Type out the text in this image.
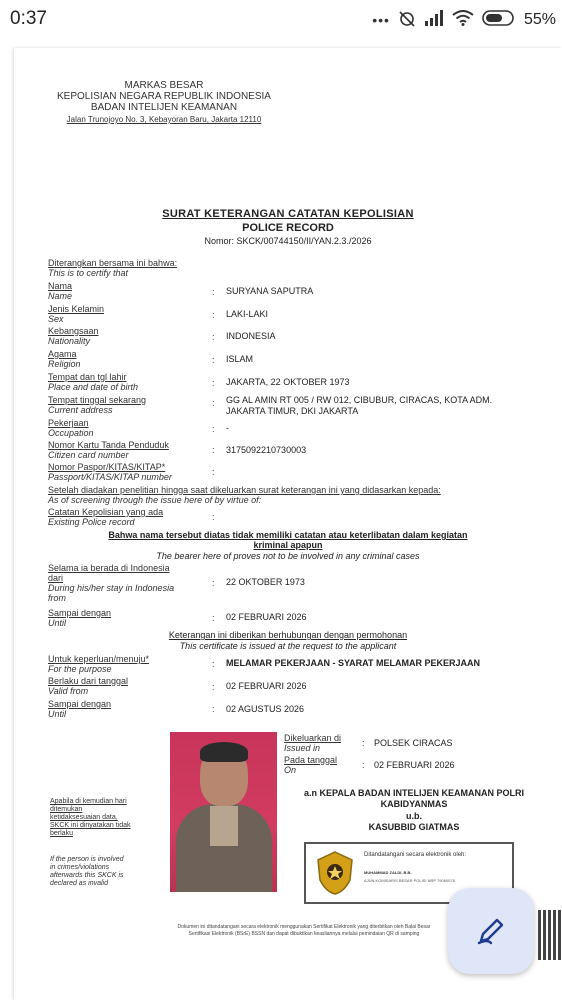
0:37	•••	55%
MARKAS BESAR
KEPOLISIAN NEGARA REPUBLIK INDONESIA
BADAN INTELIJEN KEAMANAN
Jalan Trunojoyo No. 3, Kebayoran Baru, Jakarta 12110
SURAT KETERANGAN CATATAN KEPOLISIAN
POLICE RECORD
Nomor: SKCK/00744150/II/YAN.2.3./2026
Diterangkan bersama ini bahwa:
This is to certify that
Nama
Name	: SURYANA SAPUTRA
Jenis Kelamin
Sex	: LAKI-LAKI
Kebangsaan
Nationality	: INDONESIA
Agama
Religion	: ISLAM
Tempat dan tgl lahir
Place and date of birth	: JAKARTA, 22 OKTOBER 1973
Tempat tinggal sekarang
Current address
: GG AL AMIN RT 005 / RW 012, CIBUBUR, CIRACAS, KOTA ADM. JAKARTA TIMUR, DKI JAKARTA
Pekerjaan
Occupation	: -
Nomor Kartu Tanda Penduduk
Citizen card number	: 3175092210730003
Nomor Paspor/KITAS/KITAP*
Passport/KITAS/KITAP number	:
Setelah diadakan penelitian hingga saat dikeluarkan surat keterangan ini yang didasarkan kepada:
As of screening through the issue here of by virtue of:
Catatan Kepolisian yang ada
Existing Police record	:
Bahwa nama tersebut diatas tidak memiliki catatan atau keterlibatan dalam kegiatan
kriminal apapun
The bearer here of proves not to be involved in any criminal cases
Selama ia berada di Indonesia
dari
During his/her stay in Indonesia
from
: 22 OKTOBER 1973
Sampai dengan
Until	: 02 FEBRUARI 2026
Keterangan ini diberikan berhubungan dengan permohonan
This certificate is issued at the request to the applicant
Untuk keperluan/menuju*
For the purpose	: MELAMAR PEKERJAAN - SYARAT MELAMAR PEKERJAAN
Berlaku dari tanggal
Valid from	: 02 FEBRUARI 2026
Sampai dengan
Until	: 02 AGUSTUS 2026
Dikeluarkan di
Issued in	: POLSEK CIRACAS
Pada tanggal
On	: 02 FEBRUARI 2026
a.n KEPALA BADAN INTELIJEN KEAMANAN POLRI
KABIDYANMAS
u.b.
KASUBBID GIATMAS
Ditandatangani secara elektronik oleh:
MUHAMMAD ZALDI, B.B.
AJUN KOMISARIS BESAR POLISI NRP 79060078
Apabila di kemudian hari
ditemukan
ketidaksesuaian data,
SKCK ini dinyatakan tidak
berlaku
If the person is involved
in crimes/violations
afterwards this SKCK is
declared as invalid
Dokumen ini ditandatangani secara elektronik menggunakan Sertifikat Elektronik yang diterbitkan oleh Balai Besar
Sertifikasi Elektronik (BSrE) BSSN dan dapat dibuktikan keasliannya melalui pemindaian QR di samping
